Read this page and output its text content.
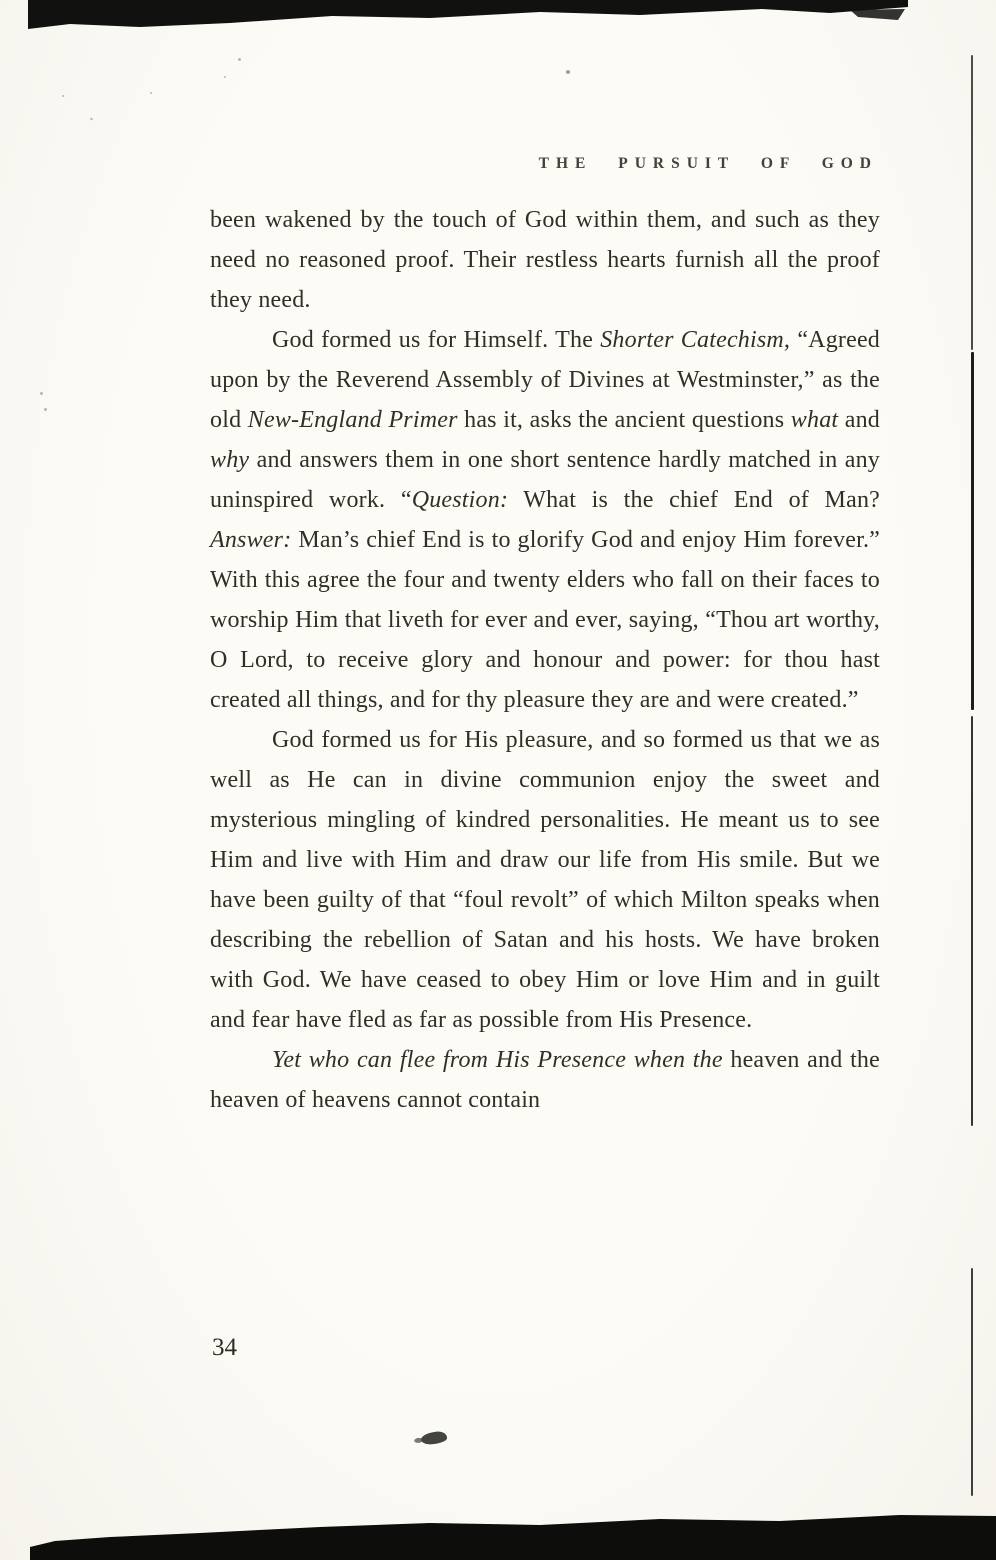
THE PURSUIT OF GOD

been wakened by the touch of God within them, and such as they need no reasoned proof. Their restless hearts furnish all the proof they need.

God formed us for Himself. The Shorter Catechism, “Agreed upon by the Reverend Assembly of Divines at Westminster,” as the old New-England Primer has it, asks the ancient questions what and why and answers them in one short sentence hardly matched in any uninspired work. “Question: What is the chief End of Man? Answer: Man’s chief End is to glorify God and enjoy Him forever.” With this agree the four and twenty elders who fall on their faces to worship Him that liveth for ever and ever, saying, “Thou art worthy, O Lord, to receive glory and honour and power: for thou hast created all things, and for thy pleasure they are and were created.”

God formed us for His pleasure, and so formed us that we as well as He can in divine communion enjoy the sweet and mysterious mingling of kindred personalities. He meant us to see Him and live with Him and draw our life from His smile. But we have been guilty of that “foul revolt” of which Milton speaks when describing the rebellion of Satan and his hosts. We have broken with God. We have ceased to obey Him or love Him and in guilt and fear have fled as far as possible from His Presence.

Yet who can flee from His Presence when the heaven and the heaven of heavens cannot contain

34
